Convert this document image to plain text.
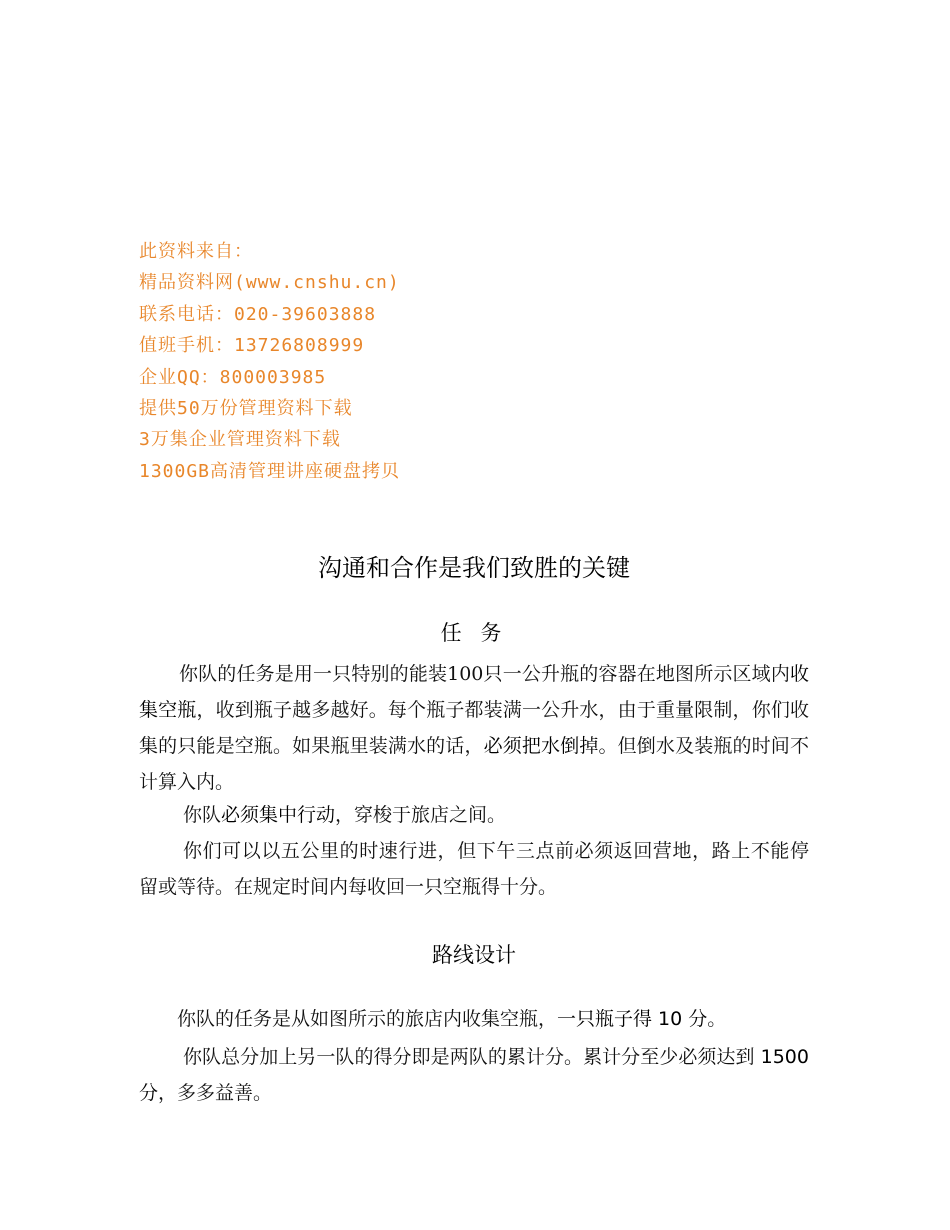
此资料来自：
精品资料网(www.cnshu.cn)
联系电话：020-39603888
值班手机：13726808999
企业QQ：800003985
提供50万份管理资料下载
3万集企业管理资料下载
1300GB高清管理讲座硬盘拷贝
沟通和合作是我们致胜的关键
任 务
你队的任务是用一只特别的能装100只一公升瓶的容器在地图所示区域内收集空瓶，收到瓶子越多越好。每个瓶子都装满一公升水，由于重量限制，你们收集的只能是空瓶。如果瓶里装满水的话，必须把水倒掉。但倒水及装瓶的时间不计算入内。
你队必须集中行动，穿梭于旅店之间。
你们可以以五公里的时速行进，但下午三点前必须返回营地，路上不能停留或等待。在规定时间内每收回一只空瓶得十分。
路线设计
你队的任务是从如图所示的旅店内收集空瓶，一只瓶子得 10 分。
你队总分加上另一队的得分即是两队的累计分。累计分至少必须达到 1500 分，多多益善。
